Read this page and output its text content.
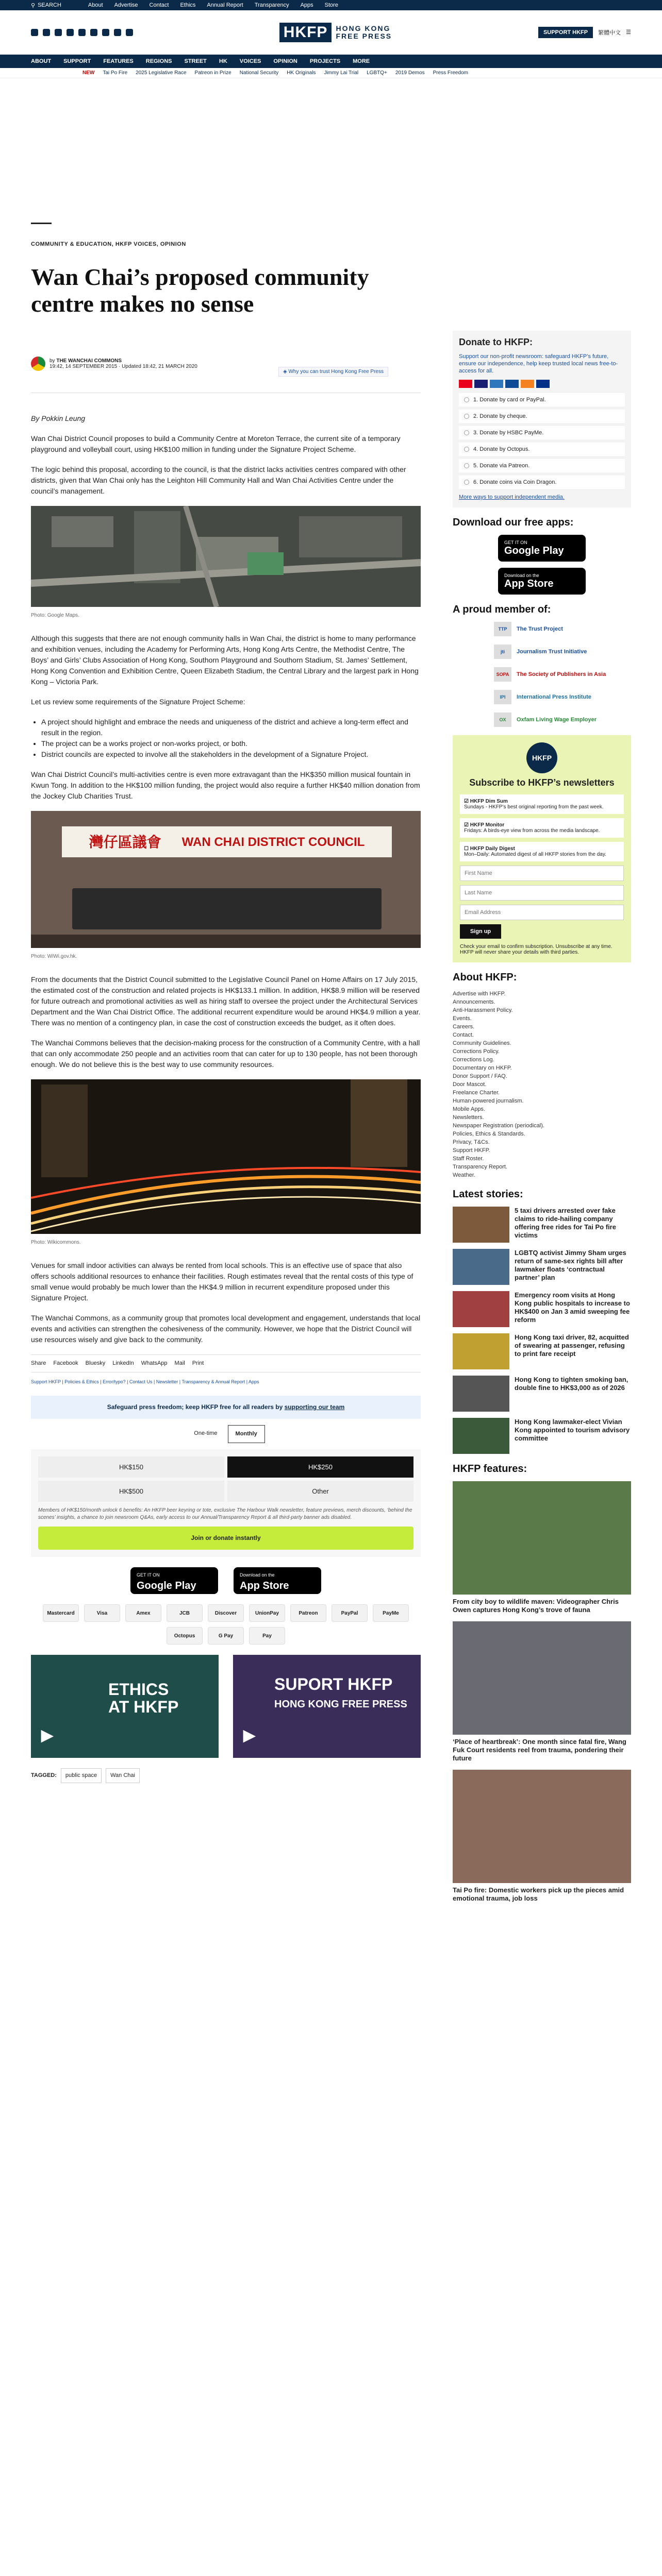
⚲ SEARCH	About Advertise Contact Ethics Annual Report Transparency Apps Store
HKFP	HONG KONG
FREE PRESS	SUPPORT HKFP	繁體中文 ☰
ABOUT SUPPORT FEATURES REGIONS STREET HK VOICES OPINION PROJECTS MORE
NEW Tai Po Fire 2025 Legislative Race Patreon in Prize National Security HK Originals Jimmy Lai Trial LGBTQ+ 2019 Demos Press Freedom
COMMUNITY & EDUCATION, HKFP VOICES, OPINION
Wan Chai’s proposed community centre makes no sense
by THE WANCHAI COMMONS
19:42, 14 SEPTEMBER 2015 · Updated 18:42, 21 MARCH 2020
◈ Why you can trust Hong Kong Free Press

By Pokkin Leung

Wan Chai District Council proposes to build a Community Centre at Moreton Terrace, the current site of a temporary playground and volleyball court, using HK$100 million in funding under the Signature Project Scheme.

The logic behind this proposal, according to the council, is that the district lacks activities centres compared with other districts, given that Wan Chai only has the Leighton Hill Community Hall and Wan Chai Activities Centre under the council’s management.

Photo: Google Maps.

Although this suggests that there are not enough community halls in Wan Chai, the district is home to many performance and exhibition venues, including the Academy for Performing Arts, Hong Kong Arts Centre, the Methodist Centre, The Boys’ and Girls’ Clubs Association of Hong Kong, Southorn Playground and Southorn Stadium, St. James’ Settlement, Hong Kong Convention and Exhibition Centre, Queen Elizabeth Stadium, the Central Library and the largest park in Hong Kong – Victoria Park.

Let us review some requirements of the Signature Project Scheme:

• A project should highlight and embrace the needs and uniqueness of the district and achieve a long-term effect and result in the region.
• The project can be a works project or non-works project, or both.
• District councils are expected to involve all the stakeholders in the development of a Signature Project.

Wan Chai District Council’s multi-activities centre is even more extravagant than the HK$350 million musical fountain in Kwun Tong. In addition to the HK$100 million funding, the project would also require a further HK$40 million donation from the Jockey Club Charities Trust.

灣仔區議會 WAN CHAI DISTRICT COUNCIL
Photo: WiWi.gov.hk.

From the documents that the District Council submitted to the Legislative Council Panel on Home Affairs on 17 July 2015, the estimated cost of the construction and related projects is HK$133.1 million. In addition, HK$8.9 million will be reserved for future outreach and promotional activities as well as hiring staff to oversee the project under the Architectural Services Department and the Wan Chai District Office. The additional recurrent expenditure would be around HK$4.9 million a year. There was no mention of a contingency plan, in case the cost of construction exceeds the budget, as it often does.

The Wanchai Commons believes that the decision-making process for the construction of a Community Centre, with a hall that can only accommodate 250 people and an activities room that can cater for up to 130 people, has not been thorough enough. We do not believe this is the best way to use community resources.

Photo: Wikicommons.

Venues for small indoor activities can always be rented from local schools. This is an effective use of space that also offers schools additional resources to enhance their facilities. Rough estimates reveal that the rental costs of this type of small venue would probably be much lower than the HK$4.9 million in recurrent expenditure proposed under this Signature Project.

The Wanchai Commons, as a community group that promotes local development and engagement, understands that local events and activities can strengthen the cohesiveness of the community. However, we hope that the District Council will use resources wisely and give back to the community.

Share Facebook Bluesky LinkedIn WhatsApp Mail Print
Support HKFP | Policies & Ethics | Error/typo? | Contact Us | Newsletter | Transparency & Annual Report | Apps
Safeguard press freedom; keep HKFP free for all readers by supporting our team
One-time	Monthly
HK$150	HK$250
HK$500	Other

Members of HK$150/month unlock 6 benefits: An HKFP beer keyring or tote, exclusive The Harbour Walk newsletter, feature previews, merch discounts, ‘behind the scenes’ insights, a chance to join newsroom Q&As, early access to our Annual/Transparency Report & all third-party banner ads disabled.

Join or donate instantly
GET IT ON
Google Play
Download on the
App Store
Mastercard	Visa	Amex	JCB	Discover	UnionPay	Patreon	PayPal	PayMe
Octopus	G Pay	Pay
ETHICS
AT HKFP
▶
SUPORT HKFP
HONG KONG FREE PRESS
▶
TAGGED:	public space	Wan Chai
Donate to HKFP:

Support our non-profit newsroom: safeguard HKFP’s future, ensure our independence, help keep trusted local news free-to-access for all.

1. Donate by card or PayPal.
2. Donate by cheque.
3. Donate by HSBC PayMe.
4. Donate by Octopus.
5. Donate via Patreon.
6. Donate coins via Coin Dragon.
More ways to support independent media.
Download our free apps:
GET IT ON
Google Play
Download on the
App Store
A proud member of:
TTP	The Trust Project
jti	Journalism Trust Initiative
SOPA	The Society of Publishers in Asia
IPI	International Press Institute
OX	Oxfam Living Wage Employer
HKFP
Subscribe to HKFP’s newsletters
☑ HKFP Dim Sum
Sundays - HKFP’s best original reporting from the past week.
☑ HKFP Monitor
Fridays: A birds-eye view from across the media landscape.
☐ HKFP Daily Digest
Mon–Daily: Automated digest of all HKFP stories from the day.
First Name Last Name Email Address
Sign up

Check your email to confirm subscription. Unsubscribe at any time. HKFP will never share your details with third parties.

About HKFP:
Advertise with HKFP.
Announcements.
Anti-Harassment Policy.
Events.
Careers.
Contact.
Community Guidelines.
Corrections Policy.
Corrections Log.
Documentary on HKFP.
Donor Support / FAQ.
Door Mascot.
Freelance Charter.
Human-powered journalism.
Mobile Apps.
Newsletters.
Newspaper Registration (periodical).
Policies, Ethics & Standards.
Privacy, T&Cs.
Support HKFP.
Staff Roster.
Transparency Report.
Weather.
Latest stories:
5 taxi drivers arrested over fake claims to ride-hailing company offering free rides for Tai Po fire victims
LGBTQ activist Jimmy Sham urges return of same-sex rights bill after lawmaker floats ‘contractual partner’ plan
Emergency room visits at Hong Kong public hospitals to increase to HK$400 on Jan 3 amid sweeping fee reform
Hong Kong taxi driver, 82, acquitted of swearing at passenger, refusing to print fare receipt
Hong Kong to tighten smoking ban, double fine to HK$3,000 as of 2026
Hong Kong lawmaker-elect Vivian Kong appointed to tourism advisory committee
HKFP features:
From city boy to wildlife maven: Videographer Chris Owen captures Hong Kong’s trove of fauna
‘Place of heartbreak’: One month since fatal fire, Wang Fuk Court residents reel from trauma, pondering their future
Tai Po fire: Domestic workers pick up the pieces amid emotional trauma, job loss
